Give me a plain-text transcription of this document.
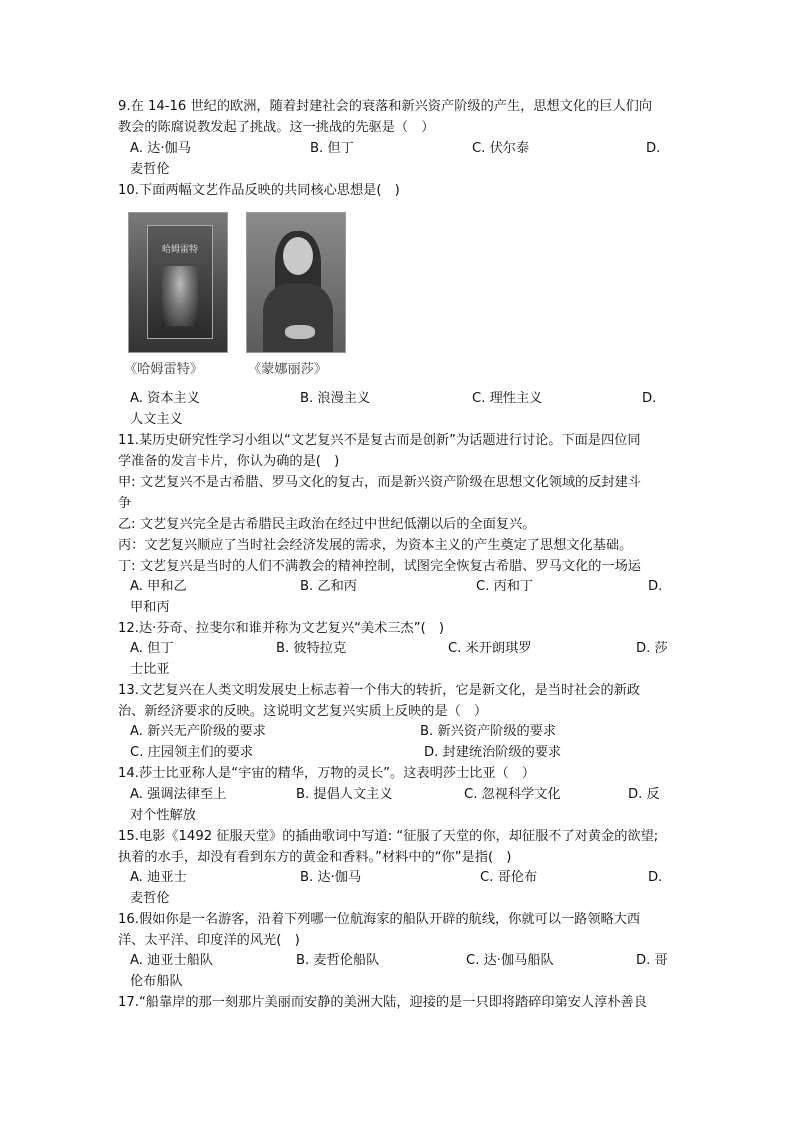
9.在 14-16 世纪的欧洲，随着封建社会的衰落和新兴资产阶级的产生，思想文化的巨人们向
教会的陈腐说教发起了挑战。这一挑战的先驱是（　）
A. 达·伽马	B. 但丁	C. 伏尔泰	D.
麦哲伦
10.下面两幅文艺作品反映的共同核心思想是(　)
哈姆雷特
《哈姆雷特》	《蒙娜丽莎》
A. 资本主义	B. 浪漫主义	C. 理性主义	D.
人文主义
11.某历史研究性学习小组以“文艺复兴不是复古而是创新”为话题进行讨论。下面是四位同
学准备的发言卡片，你认为确的是(　)
甲: 文艺复兴不是古希腊、罗马文化的复古，而是新兴资产阶级在思想文化领域的反封建斗
争
乙: 文艺复兴完全是古希腊民主政治在经过中世纪低潮以后的全面复兴。
丙：文艺复兴顺应了当时社会经济发展的需求，为资本主义的产生奠定了思想文化基础。
丁: 文艺复兴是当时的人们不满教会的精神控制，试图完全恢复古希腊、罗马文化的一场运
A. 甲和乙	B. 乙和丙	C. 丙和丁	D.
甲和丙
12.达·芬奇、拉斐尔和谁并称为文艺复兴“美术三杰”(　)
A. 但丁	B. 彼特拉克	C. 米开朗琪罗	D. 莎
士比亚
13.文艺复兴在人类文明发展史上标志着一个伟大的转折，它是新文化，是当时社会的新政
治、新经济要求的反映。这说明文艺复兴实质上反映的是（　）
A. 新兴无产阶级的要求	B. 新兴资产阶级的要求
C. 庄园领主们的要求	D. 封建统治阶级的要求
14.莎士比亚称人是“宇宙的精华，万物的灵长”。这表明莎士比亚（　）
A. 强调法律至上	B. 提倡人文主义	C. 忽视科学文化	D. 反
对个性解放
15.电影《1492 征服天堂》的插曲歌词中写道: “征服了天堂的你，却征服不了对黄金的欲望;
执着的水手，却没有看到东方的黄金和香料。”材料中的“你”是指(　)
A. 迪亚士	B. 达·伽马	C. 哥伦布	D.
麦哲伦
16.假如你是一名游客，沿着下列哪一位航海家的船队开辟的航线，你就可以一路领略大西
洋、太平洋、印度洋的风光(　)
A. 迪亚士船队	B. 麦哲伦船队	C. 达·伽马船队	D. 哥
伦布船队
17.“船靠岸的那一刻那片美丽而安静的美洲大陆，迎接的是一只即将踏碎印第安人淳朴善良
